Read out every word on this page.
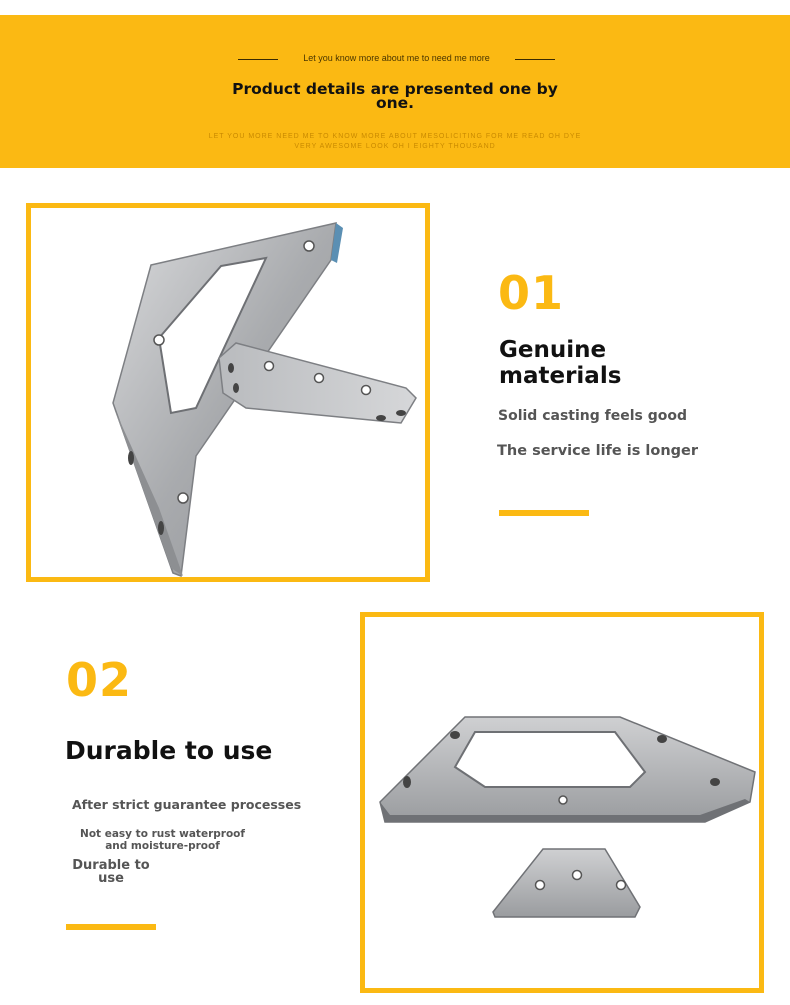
Let you know more about me to need me more
Product details are presented one by one.
LET YOU MORE NEED ME TO KNOW MORE ABOUT MESOLICITING FOR ME READ OH DYE VERY AWESOME LOOK OH I EIGHTY THOUSAND
01
Genuine materials
Solid casting feels good
The service life is longer
02
Durable to use
After strict guarantee processes
Not easy to rust waterproof and moisture-proof
Durable to use
